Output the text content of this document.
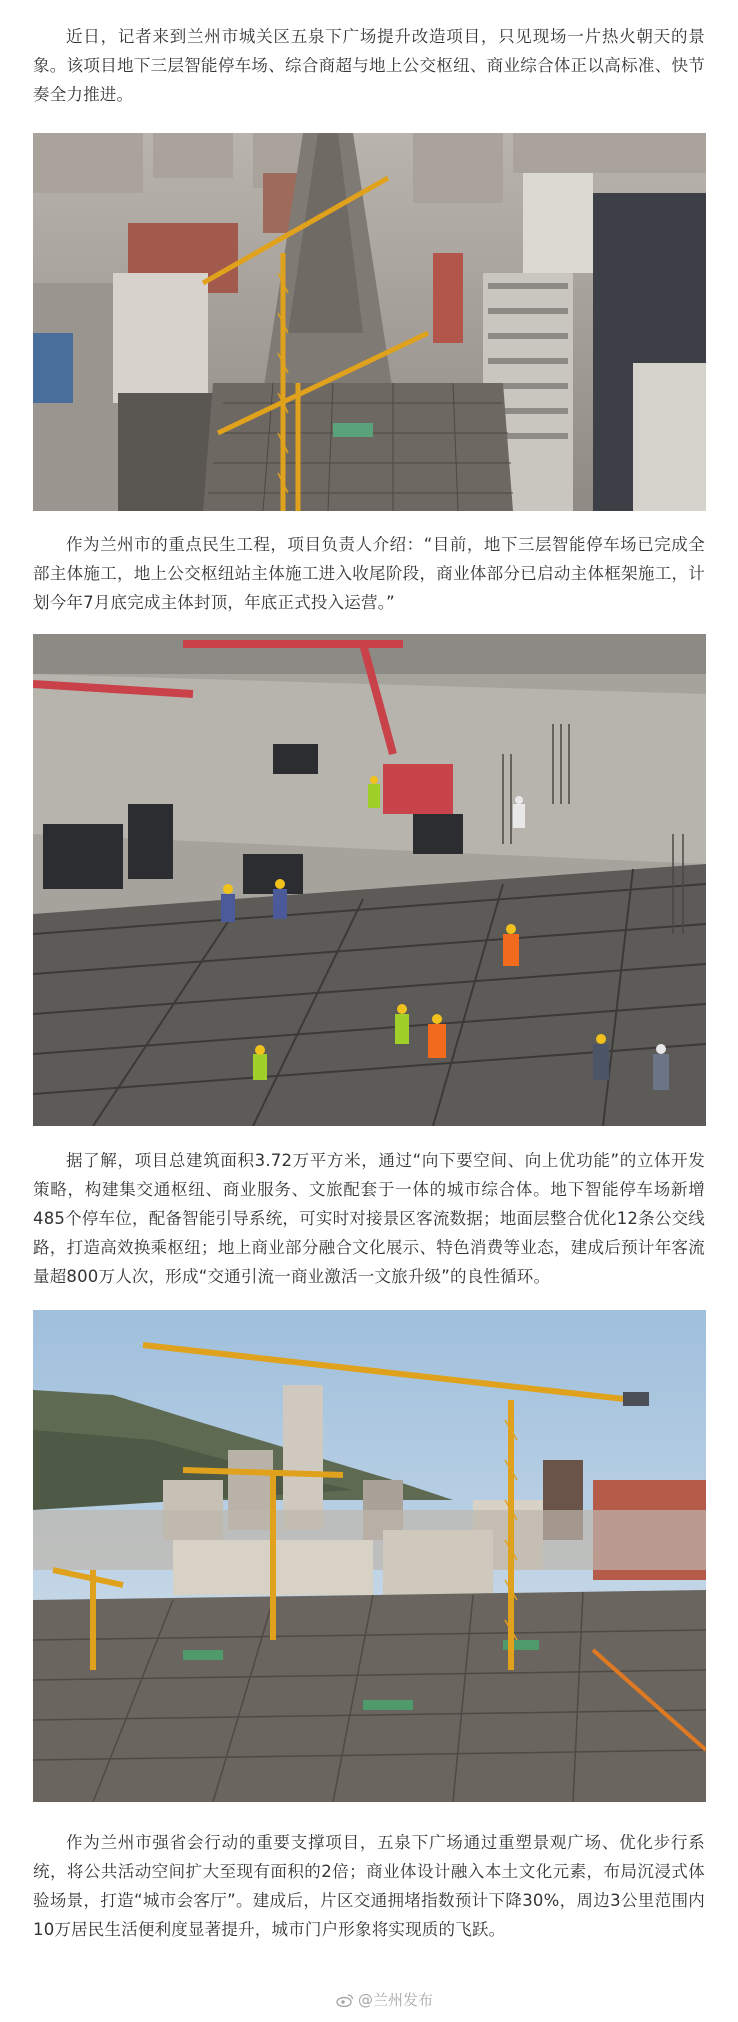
近日，记者来到兰州市城关区五泉下广场提升改造项目，只见现场一片热火朝天的景象。该项目地下三层智能停车场、综合商超与地上公交枢纽、商业综合体正以高标准、快节奏全力推进。

作为兰州市的重点民生工程，项目负责人介绍：“目前，地下三层智能停车场已完成全部主体施工，地上公交枢纽站主体施工进入收尾阶段，商业体部分已启动主体框架施工，计划今年7月底完成主体封顶，年底正式投入运营。”

据了解，项目总建筑面积3.72万平方米，通过“向下要空间、向上优功能”的立体开发策略，构建集交通枢纽、商业服务、文旅配套于一体的城市综合体。地下智能停车场新增485个停车位，配备智能引导系统，可实时对接景区客流数据；地面层整合优化12条公交线路，打造高效换乘枢纽；地上商业部分融合文化展示、特色消费等业态，建成后预计年客流量超800万人次，形成“交通引流一商业激活一文旅升级”的良性循环。

作为兰州市强省会行动的重要支撑项目，五泉下广场通过重塑景观广场、优化步行系统，将公共活动空间扩大至现有面积的2倍；商业体设计融入本土文化元素，布局沉浸式体验场景，打造“城市会客厅”。建成后，片区交通拥堵指数预计下降30%，周边3公里范围内10万居民生活便利度显著提升，城市门户形象将实现质的飞跃。

@兰州发布
